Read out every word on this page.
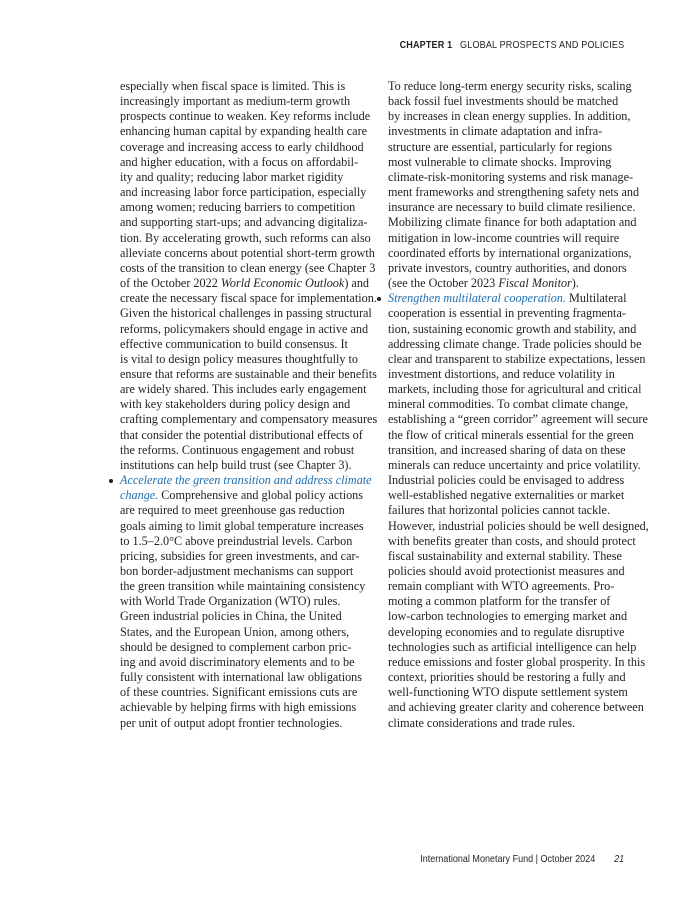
CHAPTER 1 GLOBAL PROSPECTS AND POLICIES
especially when fiscal space is limited. This is
increasingly important as medium-term growth
prospects continue to weaken. Key reforms include
enhancing human capital by expanding health care
coverage and increasing access to early childhood
and higher education, with a focus on affordabil-
ity and quality; reducing labor market rigidity
and increasing labor force participation, especially
among women; reducing barriers to competition
and supporting start-ups; and advancing digitaliza-
tion. By accelerating growth, such reforms can also
alleviate concerns about potential short-term growth
costs of the transition to clean energy (see Chapter 3
of the October 2022 World Economic Outlook) and
create the necessary fiscal space for implementation.
Given the historical challenges in passing structural
reforms, policymakers should engage in active and
effective communication to build consensus. It
is vital to design policy measures thoughtfully to
ensure that reforms are sustainable and their benefits
are widely shared. This includes early engagement
with key stakeholders during policy design and
crafting complementary and compensatory measures
that consider the potential distributional effects of
the reforms. Continuous engagement and robust
institutions can help build trust (see Chapter 3).
Accelerate the green transition and address climate
change. Comprehensive and global policy actions
are required to meet greenhouse gas reduction
goals aiming to limit global temperature increases
to 1.5–2.0°C above preindustrial levels. Carbon
pricing, subsidies for green investments, and car-
bon border-adjustment mechanisms can support
the green transition while maintaining consistency
with World Trade Organization (WTO) rules.
Green industrial policies in China, the United
States, and the European Union, among others,
should be designed to complement carbon pric-
ing and avoid discriminatory elements and to be
fully consistent with international law obligations
of these countries. Significant emissions cuts are
achievable by helping firms with high emissions
per unit of output adopt frontier technologies.
To reduce long-term energy security risks, scaling
back fossil fuel investments should be matched
by increases in clean energy supplies. In addition,
investments in climate adaptation and infra-
structure are essential, particularly for regions
most vulnerable to climate shocks. Improving
climate-risk-monitoring systems and risk manage-
ment frameworks and strengthening safety nets and
insurance are necessary to build climate resilience.
Mobilizing climate finance for both adaptation and
mitigation in low-income countries will require
coordinated efforts by international organizations,
private investors, country authorities, and donors
(see the October 2023 Fiscal Monitor).
Strengthen multilateral cooperation. Multilateral
cooperation is essential in preventing fragmenta-
tion, sustaining economic growth and stability, and
addressing climate change. Trade policies should be
clear and transparent to stabilize expectations, lessen
investment distortions, and reduce volatility in
markets, including those for agricultural and critical
mineral commodities. To combat climate change,
establishing a “green corridor” agreement will secure
the flow of critical minerals essential for the green
transition, and increased sharing of data on these
minerals can reduce uncertainty and price volatility.
Industrial policies could be envisaged to address
well-established negative externalities or market
failures that horizontal policies cannot tackle.
However, industrial policies should be well designed,
with benefits greater than costs, and should protect
fiscal sustainability and external stability. These
policies should avoid protectionist measures and
remain compliant with WTO agreements. Pro-
moting a common platform for the transfer of
low-carbon technologies to emerging market and
developing economies and to regulate disruptive
technologies such as artificial intelligence can help
reduce emissions and foster global prosperity. In this
context, priorities should be restoring a fully and
well-functioning WTO dispute settlement system
and achieving greater clarity and coherence between
climate considerations and trade rules.
International Monetary Fund | October 2024 21
